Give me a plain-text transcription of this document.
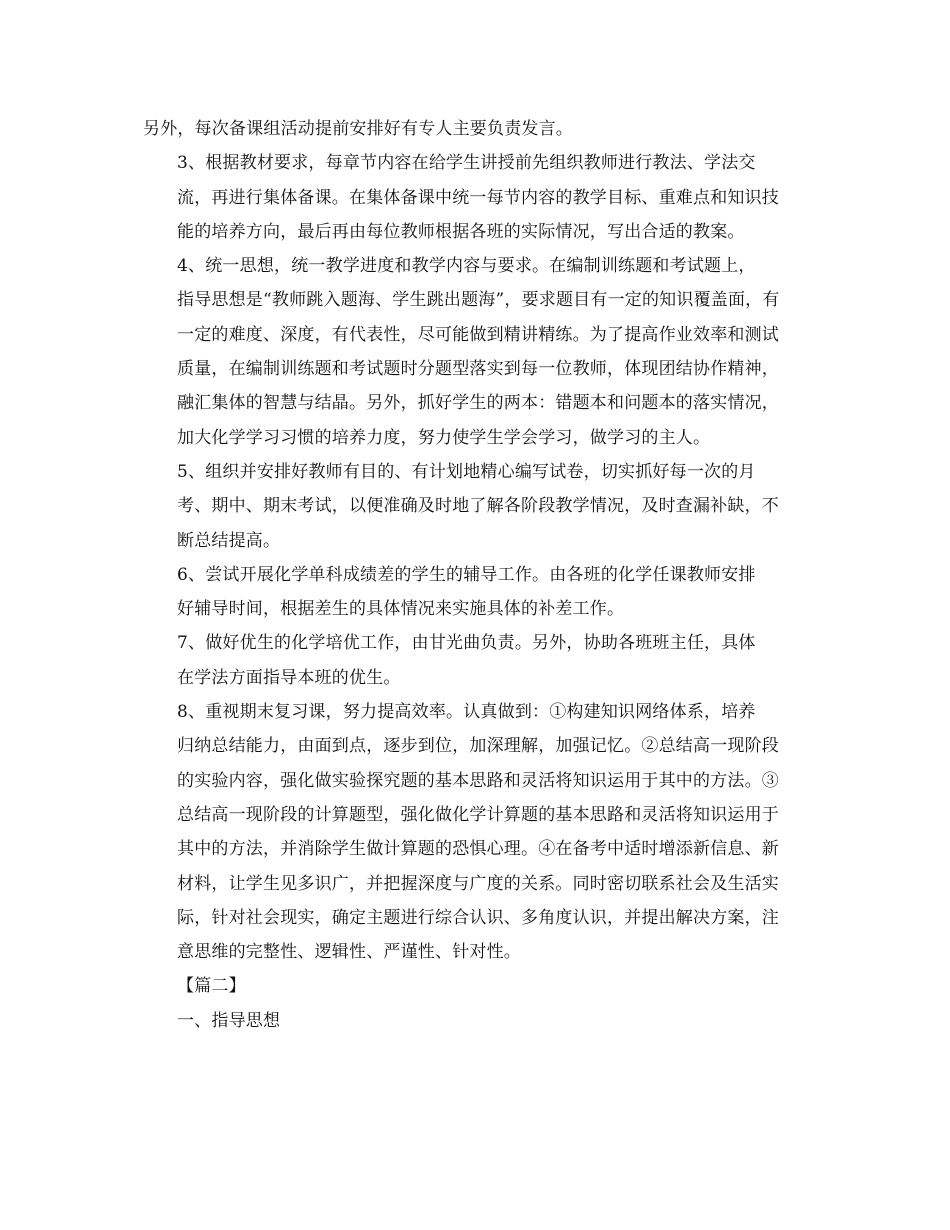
另外，每次备课组活动提前安排好有专人主要负责发言。
3、根据教材要求，每章节内容在给学生讲授前先组织教师进行教法、学法交
流，再进行集体备课。在集体备课中统一每节内容的教学目标、重难点和知识技
能的培养方向，最后再由每位教师根据各班的实际情况，写出合适的教案。
4、统一思想，统一教学进度和教学内容与要求。在编制训练题和考试题上，
指导思想是“教师跳入题海、学生跳出题海”，要求题目有一定的知识覆盖面，有
一定的难度、深度，有代表性，尽可能做到精讲精练。为了提高作业效率和测试
质量，在编制训练题和考试题时分题型落实到每一位教师，体现团结协作精神，
融汇集体的智慧与结晶。另外，抓好学生的两本：错题本和问题本的落实情况，
加大化学学习习惯的培养力度，努力使学生学会学习，做学习的主人。
5、组织并安排好教师有目的、有计划地精心编写试卷，切实抓好每一次的月
考、期中、期末考试，以便准确及时地了解各阶段教学情况，及时查漏补缺，不
断总结提高。
6、尝试开展化学单科成绩差的学生的辅导工作。由各班的化学任课教师安排
好辅导时间，根据差生的具体情况来实施具体的补差工作。
7、做好优生的化学培优工作，由甘光曲负责。另外，协助各班班主任，具体
在学法方面指导本班的优生。
8、重视期末复习课，努力提高效率。认真做到：①构建知识网络体系，培养
归纳总结能力，由面到点，逐步到位，加深理解，加强记忆。②总结高一现阶段
的实验内容，强化做实验探究题的基本思路和灵活将知识运用于其中的方法。③
总结高一现阶段的计算题型，强化做化学计算题的基本思路和灵活将知识运用于
其中的方法，并消除学生做计算题的恐惧心理。④在备考中适时增添新信息、新
材料，让学生见多识广，并把握深度与广度的关系。同时密切联系社会及生活实
际，针对社会现实，确定主题进行综合认识、多角度认识，并提出解决方案，注
意思维的完整性、逻辑性、严谨性、针对性。

【篇二】

一、指导思想
